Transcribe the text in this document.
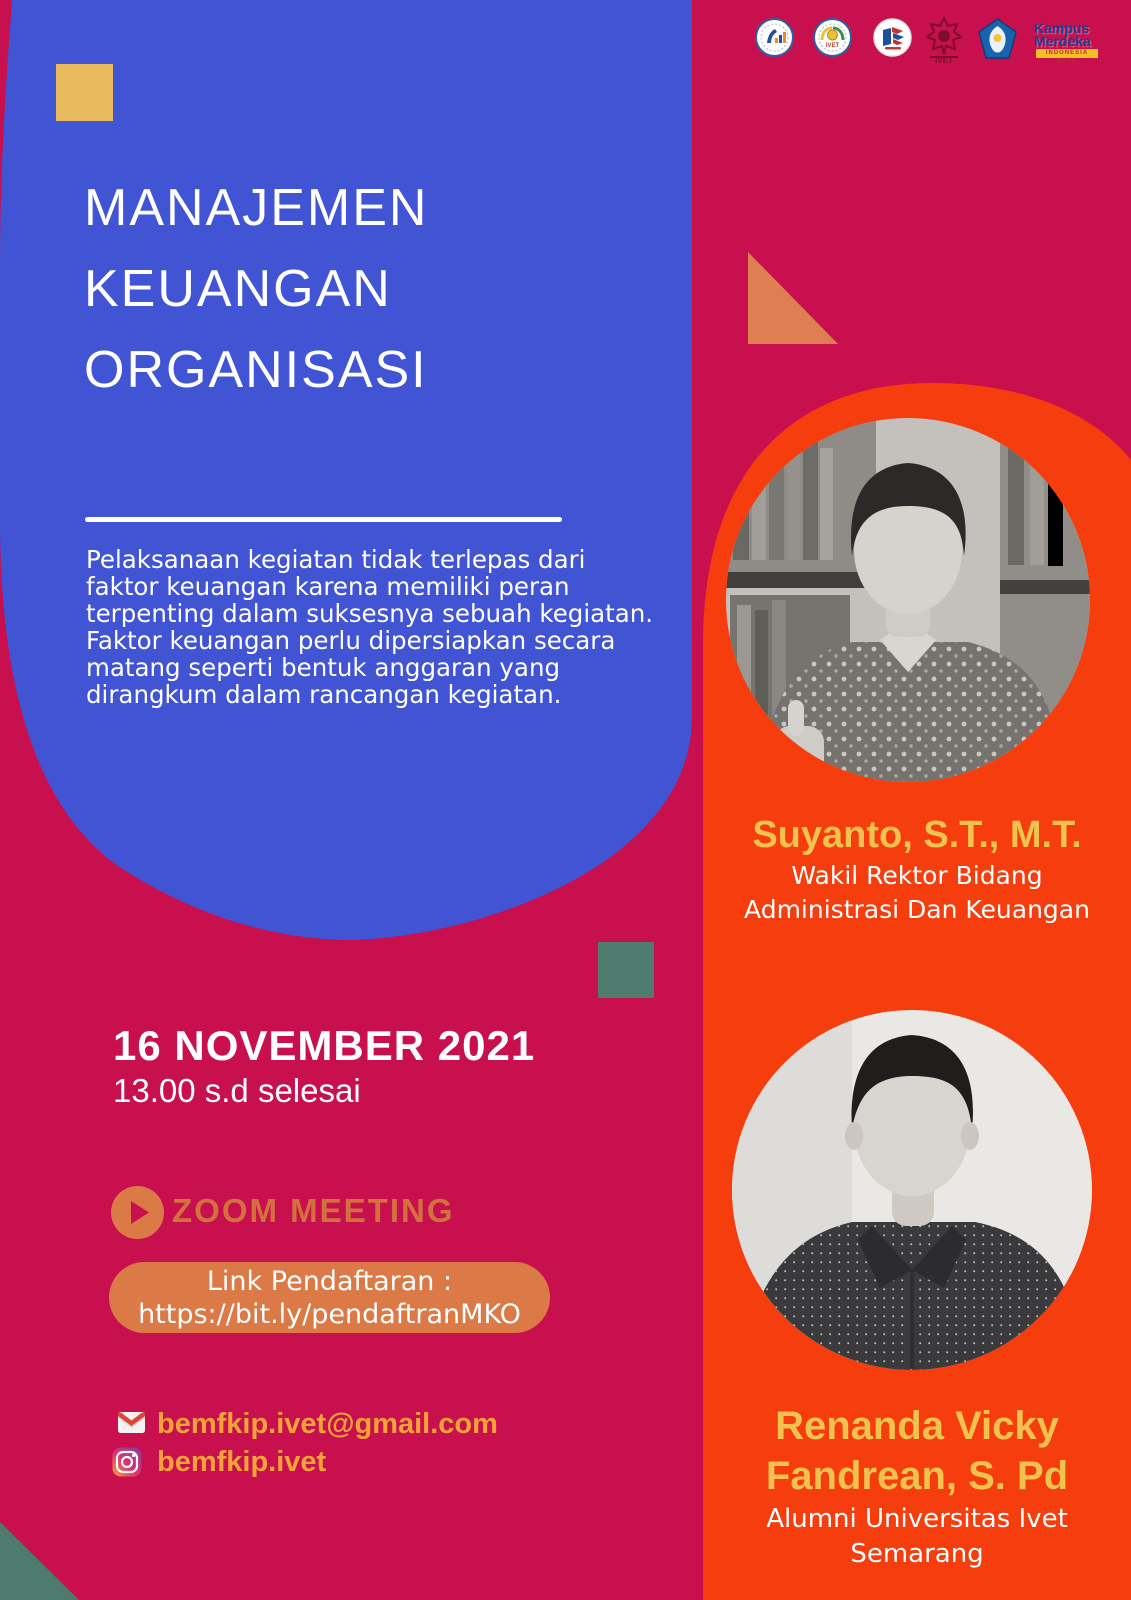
IVET
IVET
Kampus
Merdeka
INDONESIA JAYA
MANAJEMEN
KEUANGAN
ORGANISASI
Pelaksanaan kegiatan tidak terlepas dari
faktor keuangan karena memiliki peran
terpenting dalam suksesnya sebuah kegiatan.
Faktor keuangan perlu dipersiapkan secara
matang seperti bentuk anggaran yang
dirangkum dalam rancangan kegiatan.
16 NOVEMBER 2021
13.00 s.d selesai
ZOOM MEETING
Link Pendaftaran :
https://bit.ly/pendaftranMKO
bemfkip.ivet@gmail.com
bemfkip.ivet
Suyanto, S.T., M.T.
Wakil Rektor Bidang
Administrasi Dan Keuangan
Renanda Vicky
Fandrean, S. Pd
Alumni Universitas Ivet
Semarang
